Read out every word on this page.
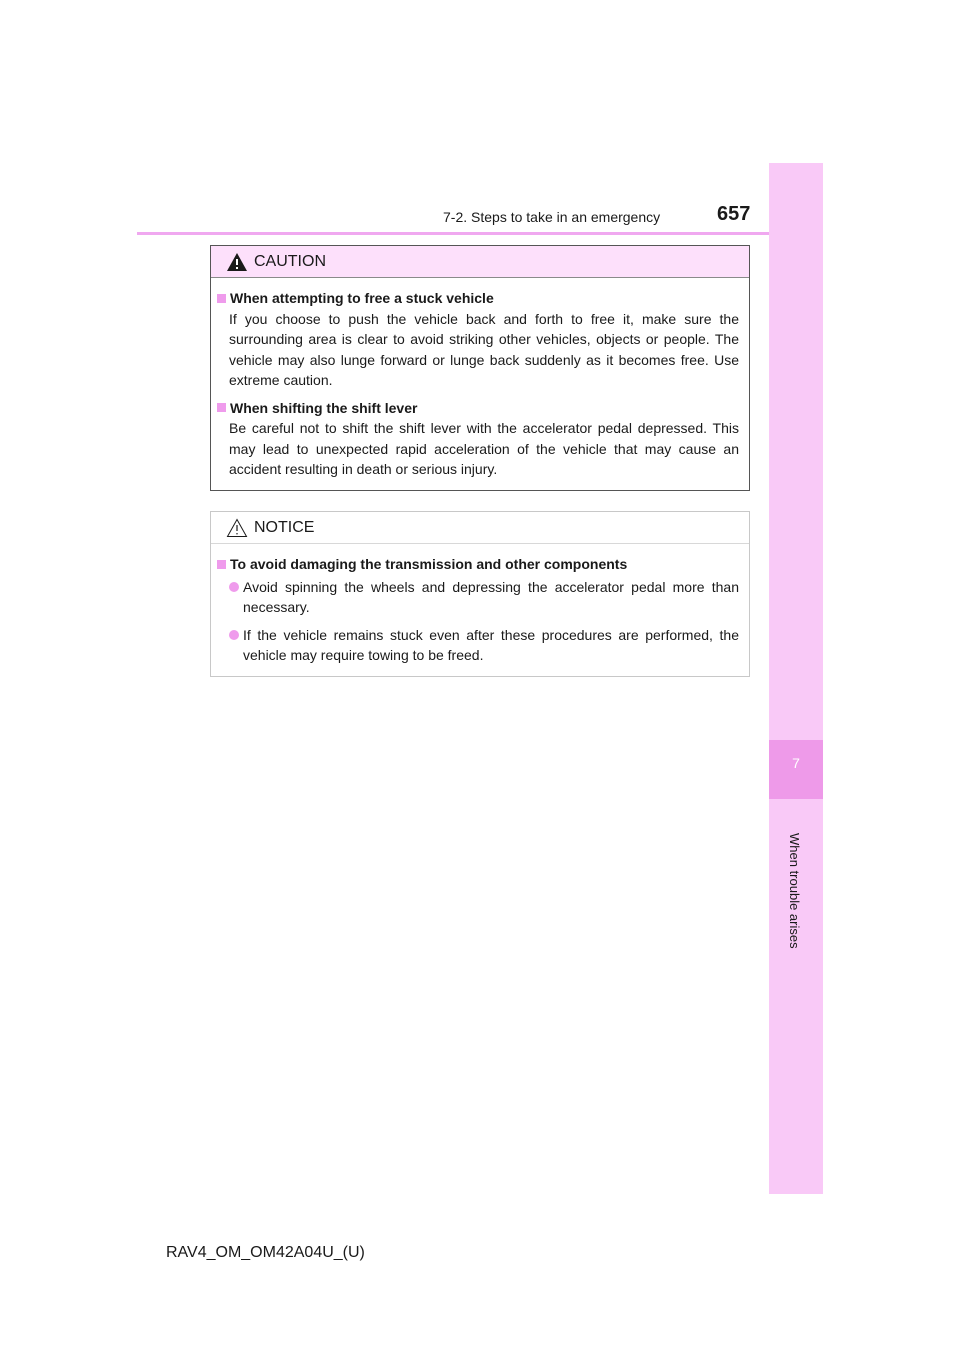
7-2. Steps to take in an emergency	657
7
When trouble arises
CAUTION
When attempting to free a stuck vehicle
If you choose to push the vehicle back and forth to free it, make sure the surrounding area is clear to avoid striking other vehicles, objects or people. The vehicle may also lunge forward or lunge back suddenly as it becomes free. Use extreme caution.
When shifting the shift lever
Be careful not to shift the shift lever with the accelerator pedal depressed. This may lead to unexpected rapid acceleration of the vehicle that may cause an accident resulting in death or serious injury.
NOTICE
To avoid damaging the transmission and other components
Avoid spinning the wheels and depressing the accelerator pedal more than necessary.
If the vehicle remains stuck even after these procedures are performed, the vehicle may require towing to be freed.
RAV4_OM_OM42A04U_(U)
